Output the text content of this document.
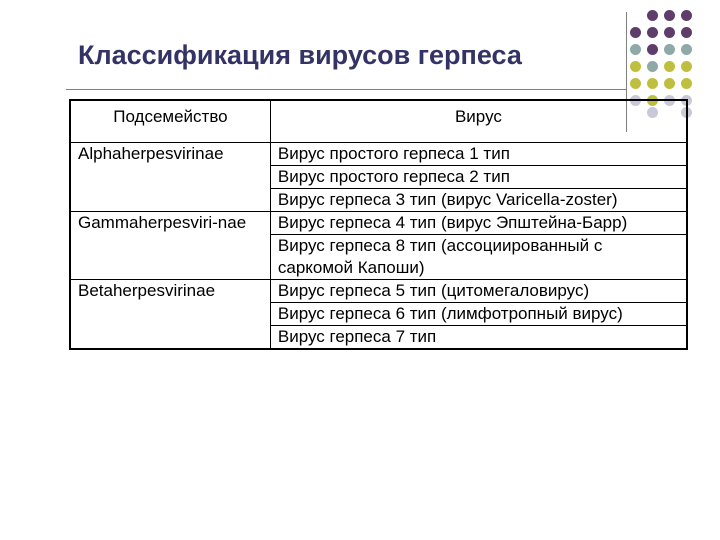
Классификация вирусов герпеса
Подсемейство	Вирус
Alphaherpesvirinae	Вирус простого герпеса 1 тип
	Вирус простого герпеса 2 тип
	Вирус герпеса 3 тип (вирус Varicella-zoster)
Gammaherpesviri-nae	Вирус герпеса 4 тип (вирус Эпштейна-Барр)
	Вирус герпеса 8 тип (ассоциированный с саркомой Капоши)
Betaherpesvirinae	Вирус герпеса 5 тип (цитомегаловирус)
	Вирус герпеса 6 тип (лимфотропный вирус)
	Вирус герпеса 7 тип
